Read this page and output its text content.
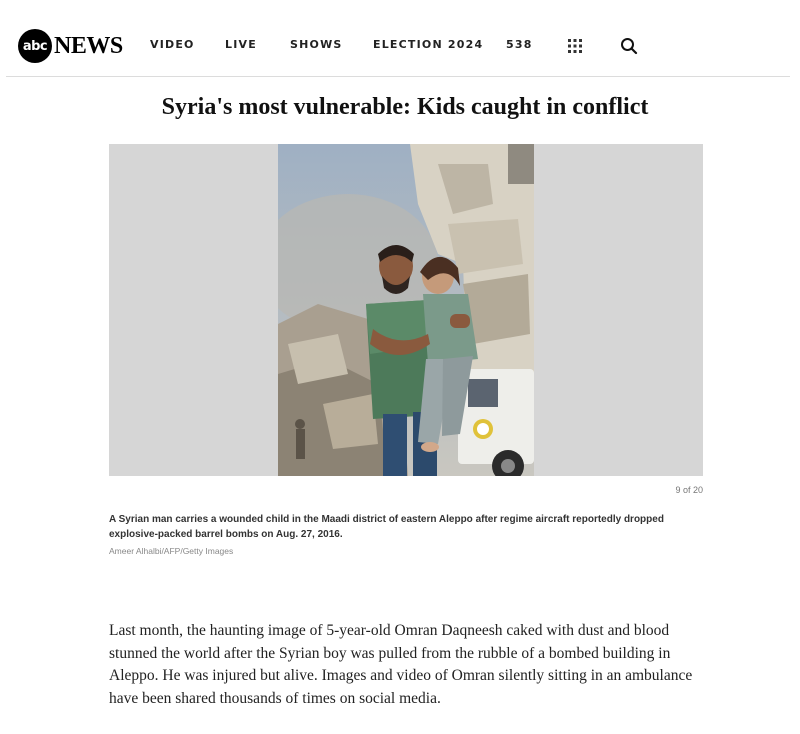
abc NEWS VIDEO	LIVE	SHOWS	ELECTION 2024 538
Syria's most vulnerable: Kids caught in conflict
9 of 20
A Syrian man carries a wounded child in the Maadi district of eastern Aleppo after regime aircraft reportedly dropped explosive-packed barrel bombs on Aug. 27, 2016.
Ameer Alhalbi/AFP/Getty Images

Last month, the haunting image of 5-year-old Omran Daqneesh caked with dust and blood stunned the world after the Syrian boy was pulled from the rubble of a bombed building in Aleppo. He was injured but alive. Images and video of Omran silently sitting in an ambulance have been shared thousands of times on social media.
